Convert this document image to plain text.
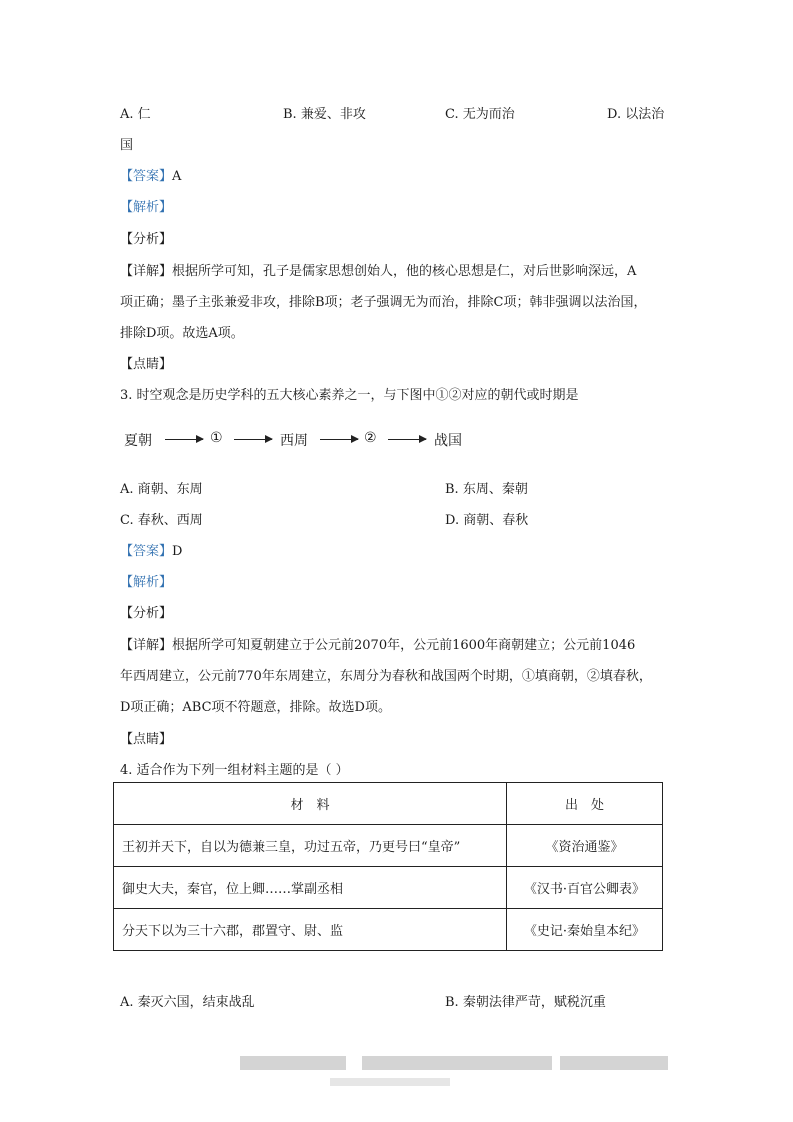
A. 仁	B. 兼爱、非攻	C. 无为而治	D. 以法治
国
【答案】A
【解析】
【分析】
【详解】根据所学可知，孔子是儒家思想创始人，他的核心思想是仁，对后世影响深远，A
项正确；墨子主张兼爱非攻，排除B项；老子强调无为而治，排除C项；韩非强调以法治国，
排除D项。故选A项。
【点睛】
3. 时空观念是历史学科的五大核心素养之一，与下图中①②对应的朝代或时期是
夏朝	①	西周	②	战国
A. 商朝、东周	B. 东周、秦朝
C. 春秋、西周	D. 商朝、春秋
【答案】D
【解析】
【分析】
【详解】根据所学可知夏朝建立于公元前2070年，公元前1600年商朝建立；公元前1046
年西周建立，公元前770年东周建立，东周分为春秋和战国两个时期，①填商朝，②填春秋，
D项正确；ABC项不符题意，排除。故选D项。
【点睛】
4. 适合作为下列一组材料主题的是（ ）
材　料	出　处
王初并天下，自以为德兼三皇，功过五帝，乃更号曰“皇帝”	《资治通鉴》
御史大夫，秦官，位上卿……掌副丞相	《汉书·百官公卿表》
分天下以为三十六郡，郡置守、尉、监	《史记·秦始皇本纪》
A. 秦灭六国，结束战乱	B. 秦朝法律严苛，赋税沉重
